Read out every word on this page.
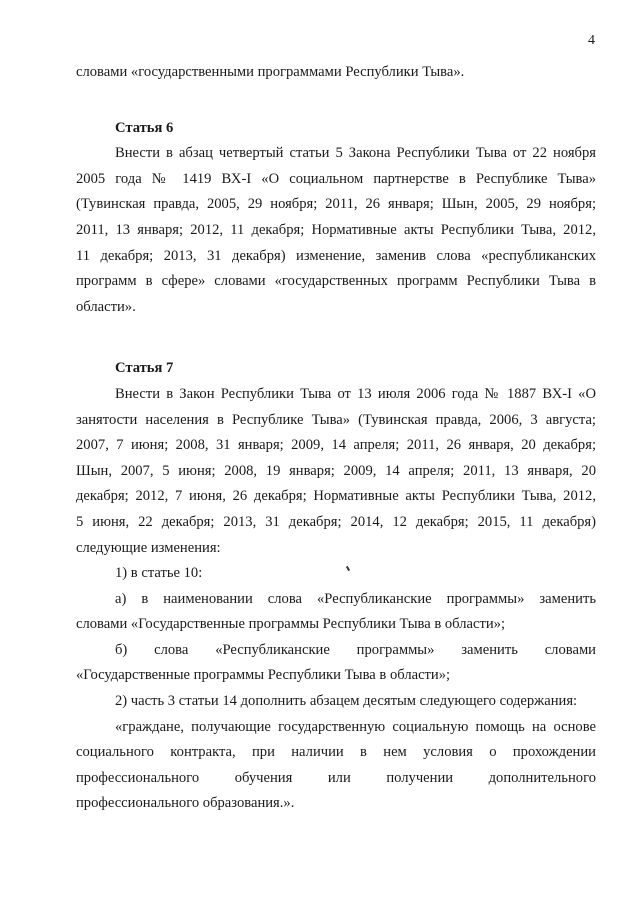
4
словами «государственными программами Республики Тыва».
Статья 6
Внести в абзац четвертый статьи 5 Закона Республики Тыва от 22 ноября
2005 года № 1419 ВХ-I «О социальном партнерстве в Республике Тыва»
(Тувинская правда, 2005, 29 ноября; 2011, 26 января; Шын, 2005, 29 ноября;
2011, 13 января; 2012, 11 декабря; Нормативные акты Республики Тыва, 2012,
11 декабря; 2013, 31 декабря) изменение, заменив слова «республиканских
программ в сфере» словами «государственных программ Республики Тыва в
области».
Статья 7
Внести в Закон Республики Тыва от 13 июля 2006 года № 1887 ВХ-I «О
занятости населения в Республике Тыва» (Тувинская правда, 2006, 3 августа;
2007, 7 июня; 2008, 31 января; 2009, 14 апреля; 2011, 26 января, 20 декабря;
Шын, 2007, 5 июня; 2008, 19 января; 2009, 14 апреля; 2011, 13 января, 20
декабря; 2012, 7 июня, 26 декабря; Нормативные акты Республики Тыва, 2012,
5 июня, 22 декабря; 2013, 31 декабря; 2014, 12 декабря; 2015, 11 декабря)
следующие изменения:
1) в статье 10:
а) в наименовании слова «Республиканские программы» заменить
словами «Государственные программы Республики Тыва в области»;
б) слова «Республиканские программы» заменить словами
«Государственные программы Республики Тыва в области»;
2) часть 3 статьи 14 дополнить абзацем десятым следующего содержания:
«граждане, получающие государственную социальную помощь на основе
социального контракта, при наличии в нем условия о прохождении
профессионального обучения или получении дополнительного
профессионального образования.».
